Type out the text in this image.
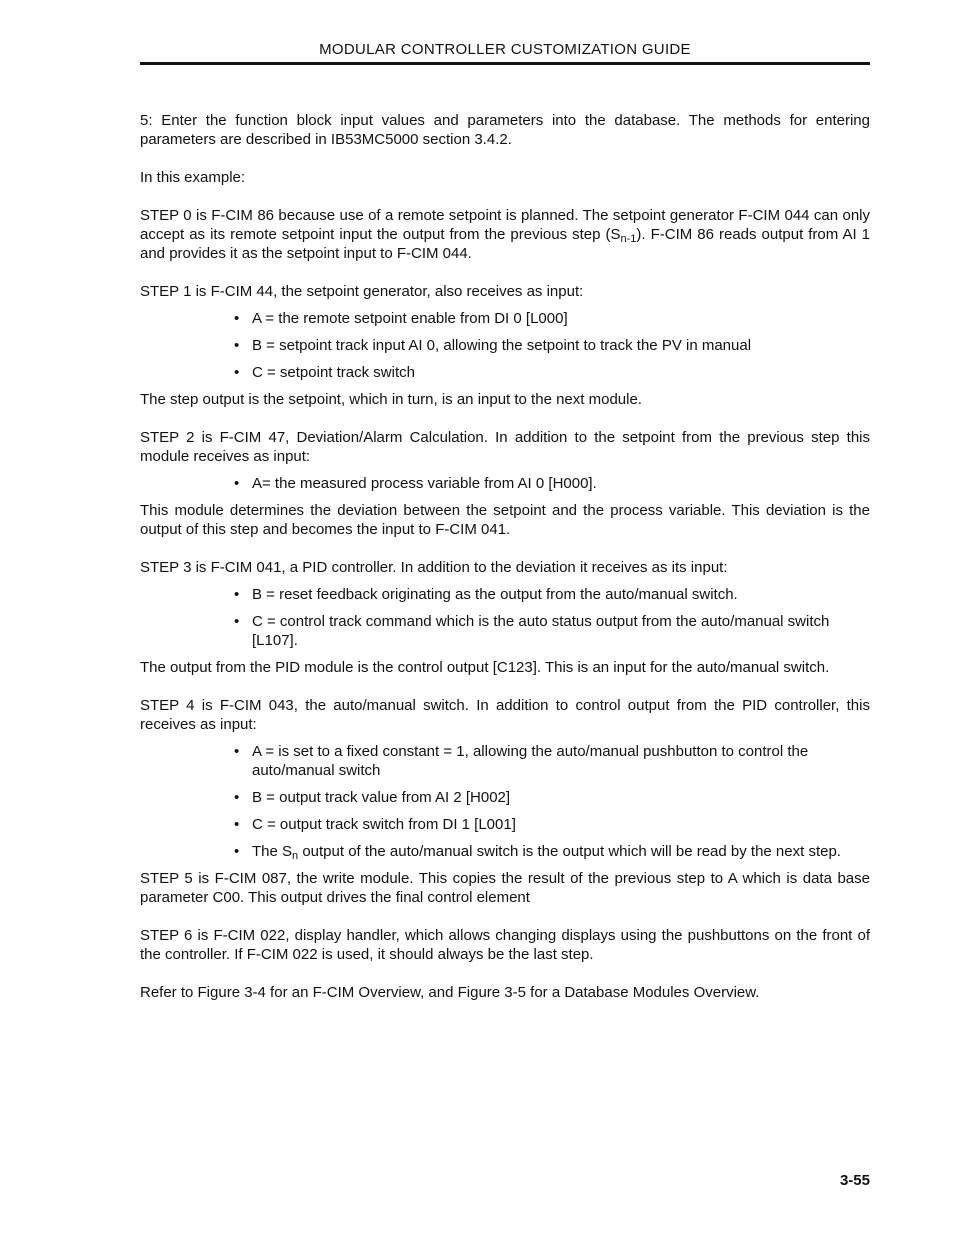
MODULAR CONTROLLER CUSTOMIZATION GUIDE

5: Enter the function block input values and parameters into the database. The methods for entering parameters are described in IB53MC5000 section 3.4.2.

In this example:

STEP 0 is F-CIM 86 because use of a remote setpoint is planned. The setpoint generator F-CIM 044 can only accept as its remote setpoint input the output from the previous step $(S_{n-1})$. F-CIM 86 reads output from AI 1 and provides it as the setpoint input to F-CIM 044.

STEP 1 is F-CIM 44, the setpoint generator, also receives as input:

• A = the remote setpoint enable from DI 0 [L000]
• B = setpoint track input AI 0, allowing the setpoint to track the PV in manual
• C = setpoint track switch

The step output is the setpoint, which in turn, is an input to the next module.

STEP 2 is F-CIM 47, Deviation/Alarm Calculation. In addition to the setpoint from the previous step this module receives as input:

• A= the measured process variable from AI 0 [H000].

This module determines the deviation between the setpoint and the process variable. This deviation is the output of this step and becomes the input to F-CIM 041.

STEP 3 is F-CIM 041, a PID controller. In addition to the deviation it receives as its input:

• B = reset feedback originating as the output from the auto/manual switch.
• C = control track command which is the auto status output from the auto/manual switch [L107].

The output from the PID module is the control output [C123]. This is an input for the auto/manual switch.

STEP 4 is F-CIM 043, the auto/manual switch. In addition to control output from the PID controller, this receives as input:

• A = is set to a fixed constant = 1, allowing the auto/manual pushbutton to control the auto/manual switch
• B = output track value from AI 2 [H002]
• C = output track switch from DI 1 [L001]
• The $S_n$ output of the auto/manual switch is the output which will be read by the next step.

STEP 5 is F-CIM 087, the write module. This copies the result of the previous step to A which is data base parameter C00. This output drives the final control element

STEP 6 is F-CIM 022, display handler, which allows changing displays using the pushbuttons on the front of the controller. If F-CIM 022 is used, it should always be the last step.

Refer to Figure 3-4 for an F-CIM Overview, and Figure 3-5 for a Database Modules Overview.

3-55
